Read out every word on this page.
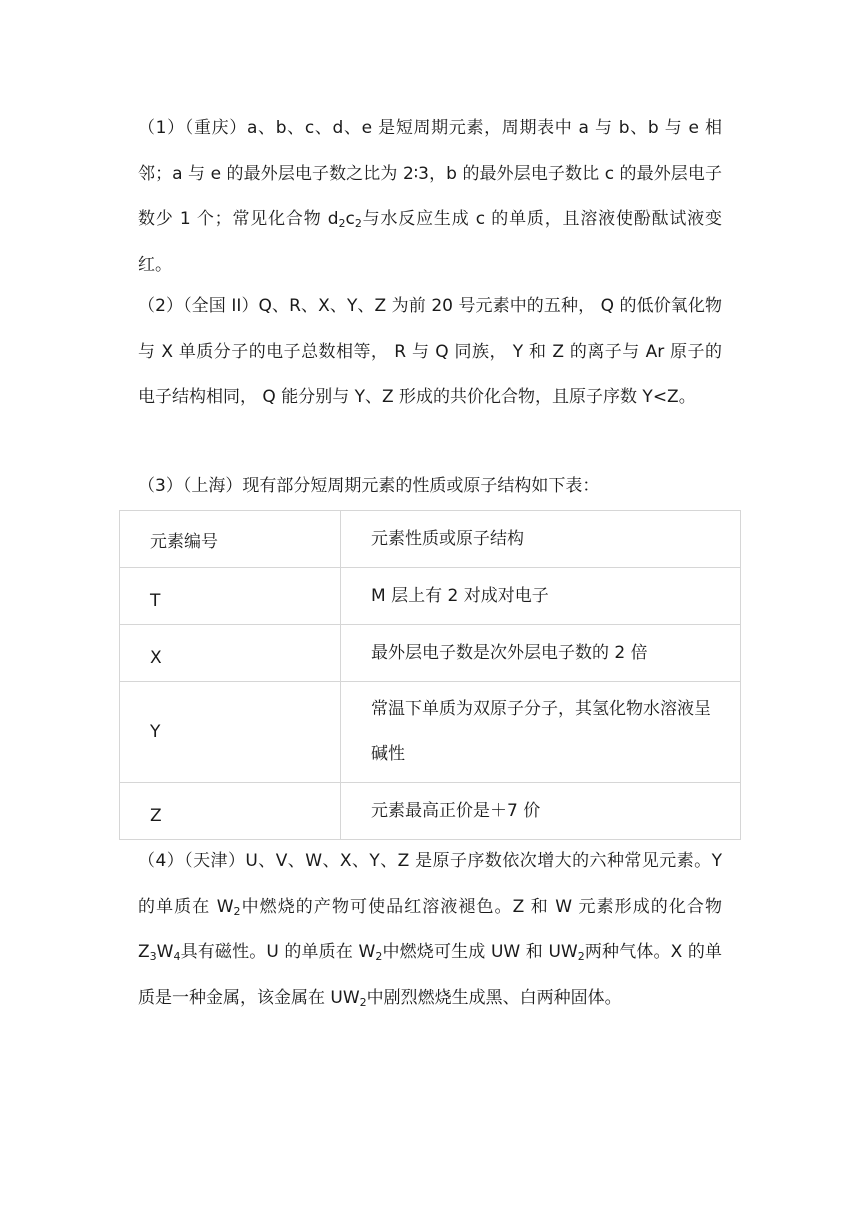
（1）（重庆）a、b、c、d、e 是短周期元素，周期表中 a 与 b、b 与 e 相邻；a 与 e 的最外层电子数之比为 2∶3，b 的最外层电子数比 c 的最外层电子数少 1 个；常见化合物 $d_2c_2$与水反应生成 c 的单质，且溶液使酚酞试液变红。

（2）（全国 II）Q、R、X、Y、Z 为前 20 号元素中的五种， Q 的低价氧化物与 X 单质分子的电子总数相等， R 与 Q 同族， Y 和 Z 的离子与 Ar 原子的电子结构相同， Q 能分别与 Y、Z 形成的共价化合物，且原子序数 Y<Z。

（3）（上海）现有部分短周期元素的性质或原子结构如下表：

元素编号	元素性质或原子结构
T	M 层上有 2 对成对电子
X	最外层电子数是次外层电子数的 2 倍
Y	常温下单质为双原子分子，其氢化物水溶液呈碱性
Z	元素最高正价是＋7 价

（4）（天津）U、V、W、X、Y、Z 是原子序数依次增大的六种常见元素。Y 的单质在 $W_2$中燃烧的产物可使品红溶液褪色。Z 和 W 元素形成的化合物 $Z_3W_4$具有磁性。U 的单质在 $W_2$中燃烧可生成 UW 和 $UW_2$两种气体。X 的单质是一种金属，该金属在 $UW_2$中剧烈燃烧生成黑、白两种固体。
